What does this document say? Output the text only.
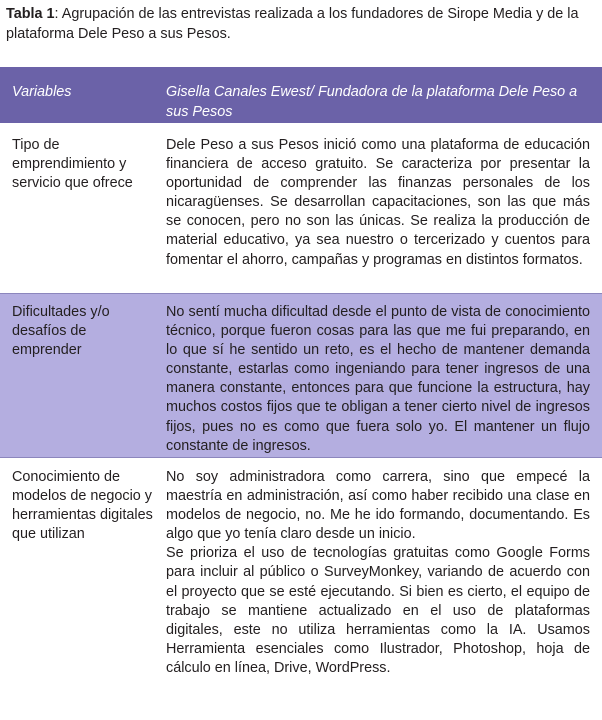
Tabla 1: Agrupación de las entrevistas realizada a los fundadores de Sirope Media y de la plataforma Dele Peso a sus Pesos.
Variables	Gisella Canales Ewest/ Fundadora de la plataforma Dele Peso a sus Pesos
Tipo de emprendimiento y servicio que ofrece

Dele Peso a sus Pesos inició como una plataforma de educación financiera de acceso gratuito. Se caracteriza por presentar la oportunidad de comprender las finanzas personales de los nicaragüenses. Se desarrollan capacitaciones, son las que más se conocen, pero no son las únicas. Se realiza la producción de material educativo, ya sea nuestro o tercerizado y cuentos para fomentar el ahorro, campañas y programas en distintos formatos.

Dificultades y/o desafíos de emprender

No sentí mucha dificultad desde el punto de vista de conocimiento técnico, porque fueron cosas para las que me fui preparando, en lo que sí he sentido un reto, es el hecho de mantener demanda constante, estarlas como ingeniando para tener ingresos de una manera constante, entonces para que funcione la estructura, hay muchos costos fijos que te obligan a tener cierto nivel de ingresos fijos, pues no es como que fuera solo yo. El mantener un flujo constante de ingresos.

Conocimiento de modelos de negocio y herramientas digitales que utilizan

No soy administradora como carrera, sino que empecé la maestría en administración, así como haber recibido una clase en modelos de negocio, no. Me he ido formando, documentando. Es algo que yo tenía claro desde un inicio.

Se prioriza el uso de tecnologías gratuitas como Google Forms para incluir al público o SurveyMonkey, variando de acuerdo con el proyecto que se esté ejecutando. Si bien es cierto, el equipo de trabajo se mantiene actualizado en el uso de plataformas digitales, este no utiliza herramientas como la IA. Usamos Herramienta esenciales como Ilustrador, Photoshop, hoja de cálculo en línea, Drive, WordPress.
